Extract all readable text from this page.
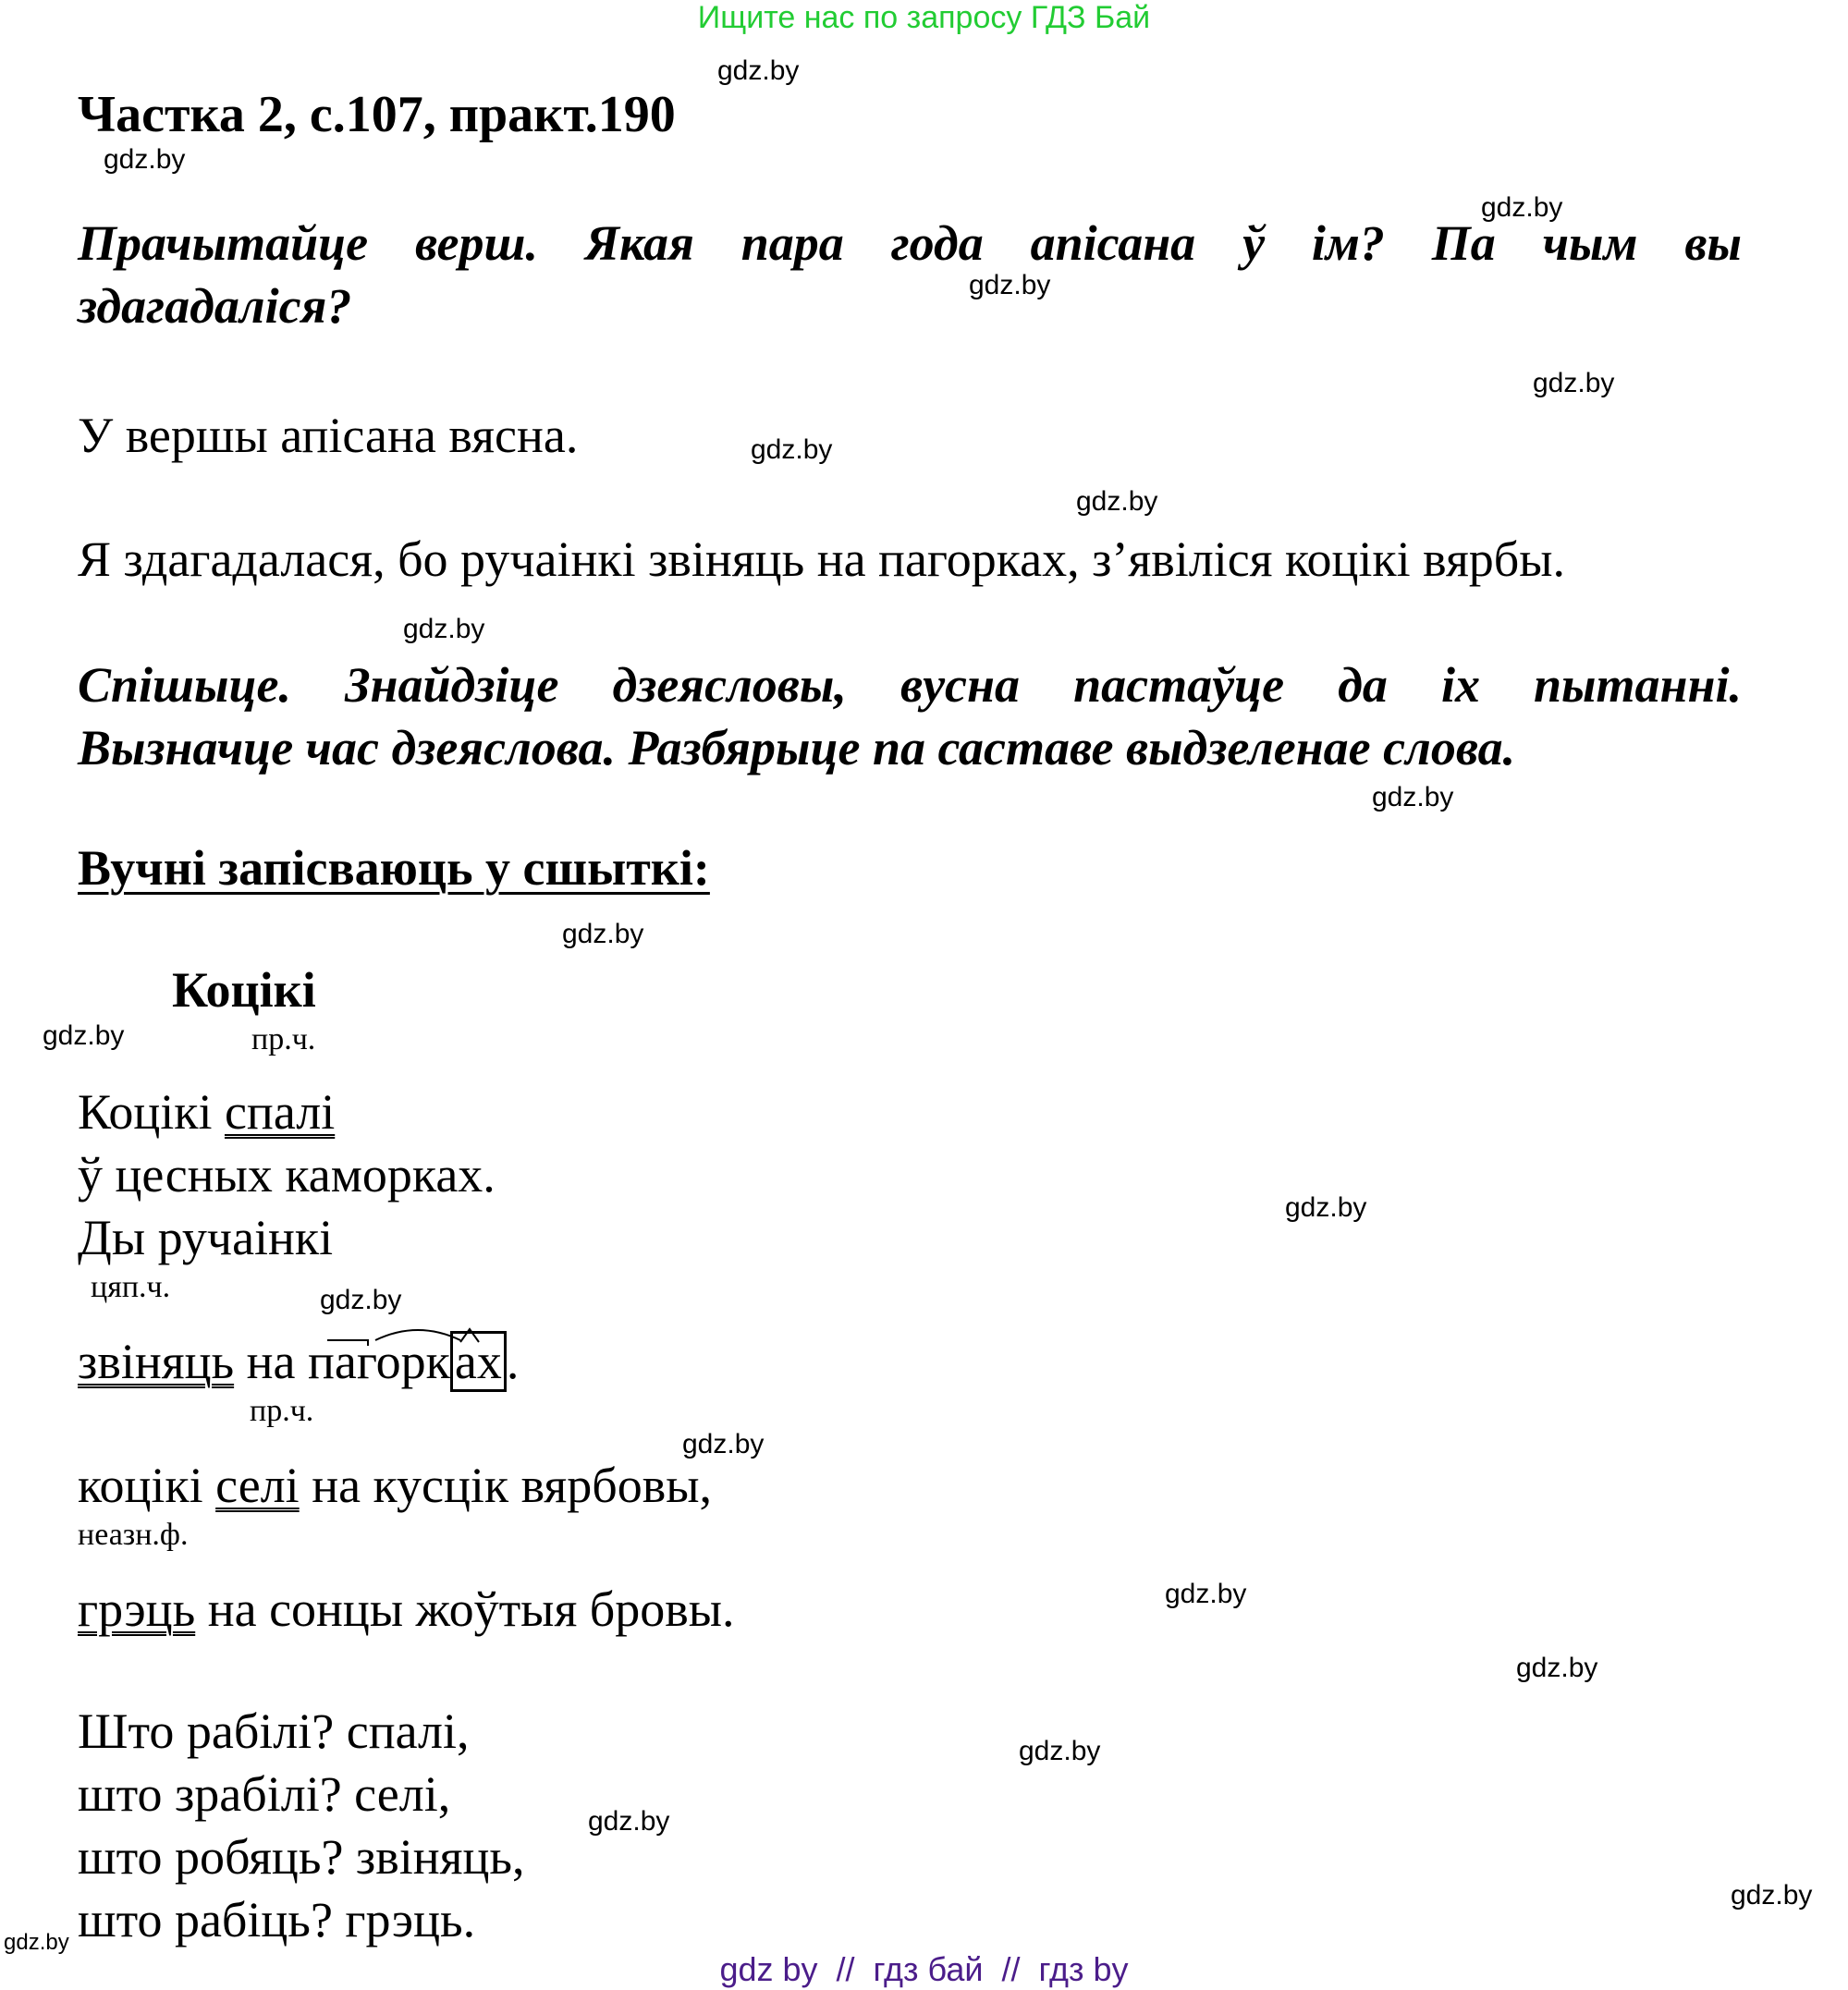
Ищите нас по запросу ГДЗ Бай
Частка 2, с.107, практ.190
Прачытайце верш. Якая пара года апісана ў ім? Па чым вы
здагадаліся?
У вершы апісана вясна.
Я здагадалася, бо ручаінкі звіняць на пагорках, з’явіліся коцікі вярбы.
Спішыце. Знайдзіце дзеясловы, вусна пастаўце да іх пытанні.
Вызначце час дзеяслова. Разбярыце па саставе выдзеленае слова.
Вучні запісваюць у сшыткі:
Коцікі
пр.ч.
Коцікі спалі
ў цесных каморках.
Ды ручаінкі
цяп.ч.
звіняць на пагорках.
пр.ч.
коцікі селі на кусцік вярбовы,
неазн.ф.
грэць на сонцы жоўтыя бровы.
Што рабілі? спалі,
што зрабілі? селі,
што робяць? звіняць,
што рабіць? грэць.
gdz.by
gdz.by
gdz.by
gdz.by
gdz.by
gdz.by
gdz.by
gdz.by
gdz.by
gdz.by
gdz.by
gdz.by
gdz.by
gdz.by
gdz.by
gdz.by
gdz.by
gdz.by
gdz.by
gdz.by
gdz by  //  гдз бай  //  гдз by
